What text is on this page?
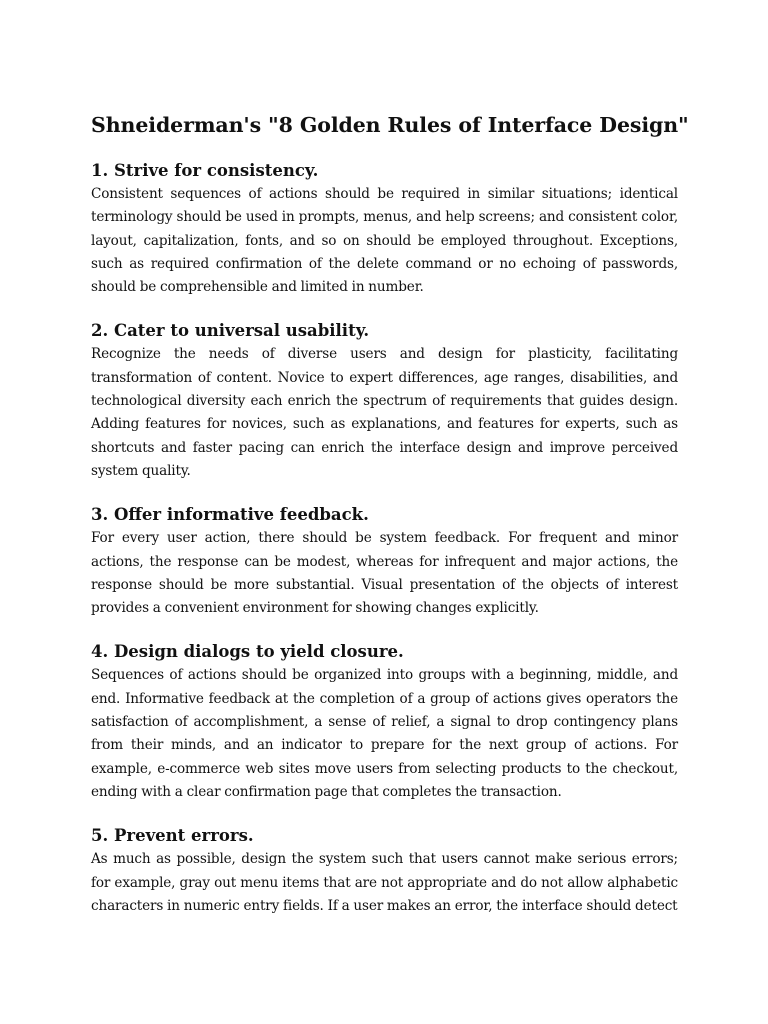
Shneiderman's "8 Golden Rules of Interface Design"
1. Strive for consistency.

Consistent sequences of actions should be required in similar situations; identical terminology should be used in prompts, menus, and help screens; and consistent color, layout, capitalization, fonts, and so on should be employed throughout. Exceptions, such as required confirmation of the delete command or no echoing of passwords, should be comprehensible and limited in number.

2. Cater to universal usability.

Recognize the needs of diverse users and design for plasticity, facilitating transformation of content. Novice to expert differences, age ranges, disabilities, and technological diversity each enrich the spectrum of requirements that guides design. Adding features for novices, such as explanations, and features for experts, such as shortcuts and faster pacing can enrich the interface design and improve perceived system quality.

3. Offer informative feedback.

For every user action, there should be system feedback. For frequent and minor actions, the response can be modest, whereas for infrequent and major actions, the response should be more substantial. Visual presentation of the objects of interest provides a convenient environment for showing changes explicitly.

4. Design dialogs to yield closure.

Sequences of actions should be organized into groups with a beginning, middle, and end. Informative feedback at the completion of a group of actions gives operators the satisfaction of accomplishment, a sense of relief, a signal to drop contingency plans from their minds, and an indicator to prepare for the next group of actions. For example, e-commerce web sites move users from selecting products to the checkout, ending with a clear confirmation page that completes the transaction.

5. Prevent errors.

As much as possible, design the system such that users cannot make serious errors; for example, gray out menu items that are not appropriate and do not allow alphabetic characters in numeric entry fields. If a user makes an error, the interface should detect
